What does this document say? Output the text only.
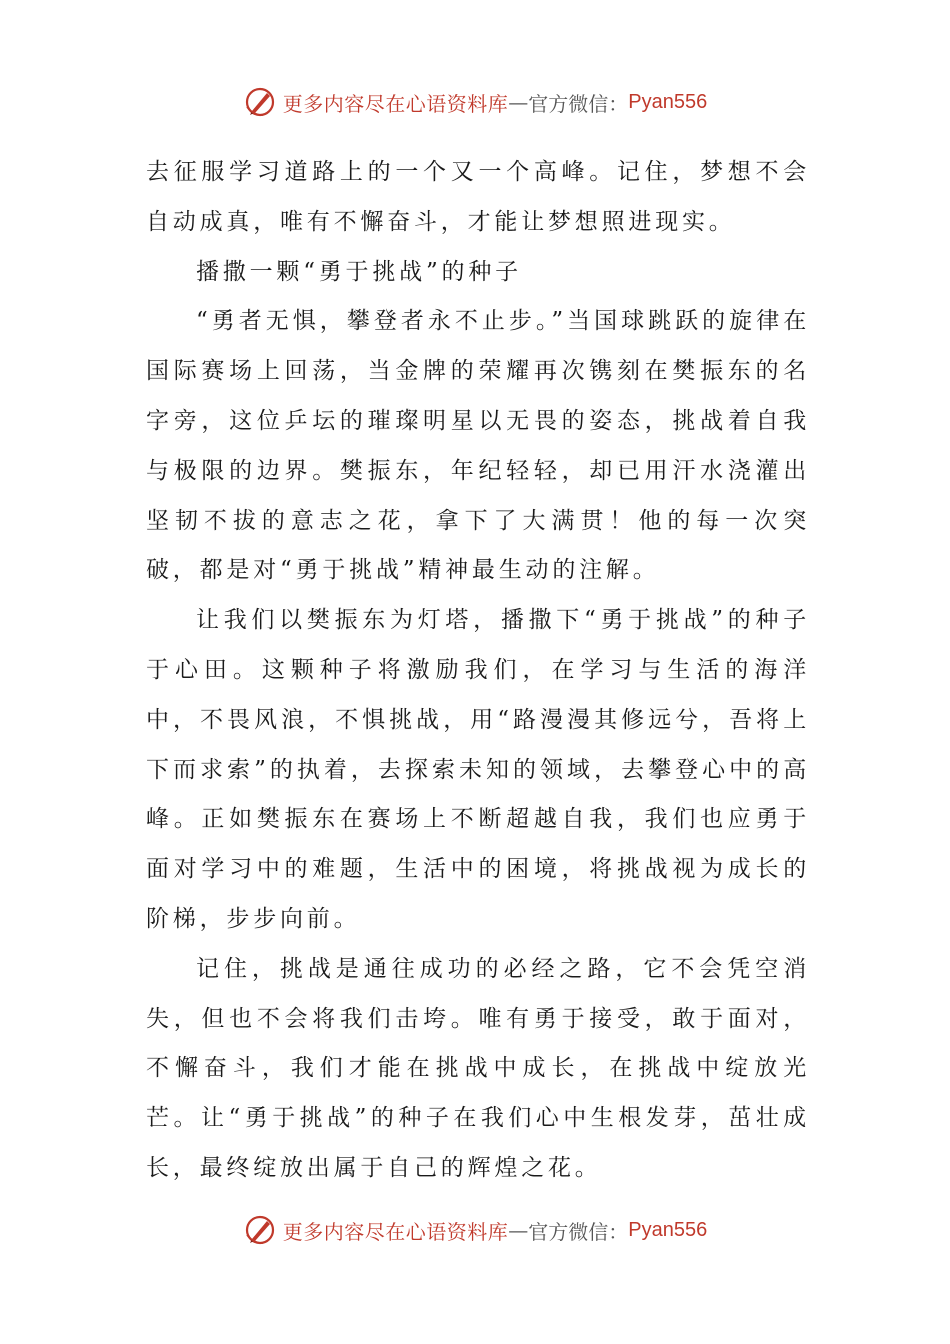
更多内容尽在心语资料库 — 官方微信： Pyan556

去征服学习道路上的一个又一个高峰。记住，梦想不会自动成真，唯有不懈奋斗，才能让梦想照进现实。

播撒一颗“勇于挑战”的种子

“勇者无惧，攀登者永不止步。”当国球跳跃的旋律在国际赛场上回荡，当金牌的荣耀再次镌刻在樊振东的名字旁，这位乒坛的璀璨明星以无畏的姿态，挑战着自我与极限的边界。樊振东，年纪轻轻，却已用汗水浇灌出坚韧不拔的意志之花，拿下了大满贯！他的每一次突破，都是对“勇于挑战”精神最生动的注解。

让我们以樊振东为灯塔，播撒下“勇于挑战”的种子于心田。这颗种子将激励我们，在学习与生活的海洋中，不畏风浪，不惧挑战，用“路漫漫其修远兮，吾将上下而求索”的执着，去探索未知的领域，去攀登心中的高峰。正如樊振东在赛场上不断超越自我，我们也应勇于面对学习中的难题，生活中的困境，将挑战视为成长的阶梯，步步向前。

记住，挑战是通往成功的必经之路，它不会凭空消失，但也不会将我们击垮。唯有勇于接受，敢于面对，不懈奋斗，我们才能在挑战中成长，在挑战中绽放光芒。让“勇于挑战”的种子在我们心中生根发芽，茁壮成长，最终绽放出属于自己的辉煌之花。

更多内容尽在心语资料库 — 官方微信： Pyan556
